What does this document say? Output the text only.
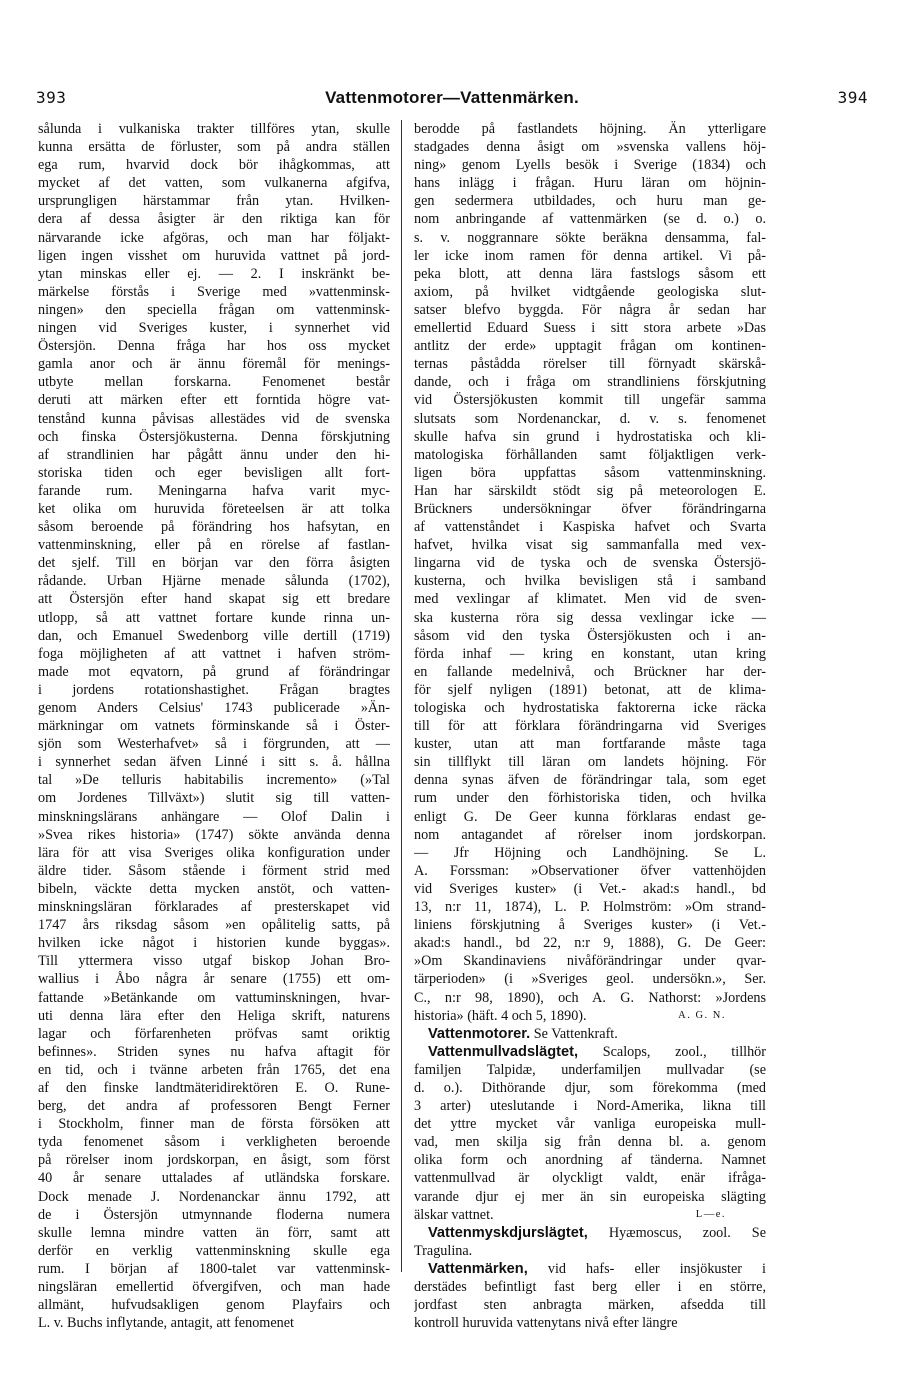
393	Vattenmotorer—Vattenmärken.	394
sålunda i vulkaniska trakter tillföres ytan, skulle
kunna ersätta de förluster, som på andra ställen
ega rum, hvarvid dock bör ihågkommas, att
mycket af det vatten, som vulkanerna afgifva,
ursprungligen härstammar från ytan. Hvilken-
dera af dessa åsigter är den riktiga kan för
närvarande icke afgöras, och man har följakt-
ligen ingen visshet om huruvida vattnet på jord-
ytan minskas eller ej. — 2. I inskränkt be-
märkelse förstås i Sverige med »vattenminsk-
ningen» den speciella frågan om vattenminsk-
ningen vid Sveriges kuster, i synnerhet vid
Östersjön. Denna fråga har hos oss mycket
gamla anor och är ännu föremål för menings-
utbyte mellan forskarna. Fenomenet består
deruti att märken efter ett forntida högre vat-
tenstånd kunna påvisas allestädes vid de svenska
och finska Östersjökusterna. Denna förskjutning
af strandlinien har pågått ännu under den hi-
storiska tiden och eger bevisligen allt fort-
farande rum. Meningarna hafva varit myc-
ket olika om huruvida företeelsen är att tolka
såsom beroende på förändring hos hafsytan, en
vattenminskning, eller på en rörelse af fastlan-
det sjelf. Till en början var den förra åsigten
rådande. Urban Hjärne menade sålunda (1702),
att Östersjön efter hand skapat sig ett bredare
utlopp, så att vattnet fortare kunde rinna un-
dan, och Emanuel Swedenborg ville dertill (1719)
foga möjligheten af att vattnet i hafven ström-
made mot eqvatorn, på grund af förändringar
i jordens rotationshastighet. Frågan bragtes
genom Anders Celsius' 1743 publicerade »Än-
märkningar om vatnets förminskande så i Öster-
sjön som Westerhafvet» så i förgrunden, att —
i synnerhet sedan äfven Linné i sitt s. å. hållna
tal »De telluris habitabilis incremento» (»Tal
om Jordenes Tillväxt») slutit sig till vatten-
minskningslärans anhängare — Olof Dalin i
»Svea rikes historia» (1747) sökte använda denna
lära för att visa Sveriges olika konfiguration under
äldre tider. Såsom stående i förment strid med
bibeln, väckte detta mycken anstöt, och vatten-
minskningsläran förklarades af presterskapet vid
1747 års riksdag såsom »en opålitelig satts, på
hvilken icke något i historien kunde byggas».
Till yttermera visso utgaf biskop Johan Bro-
wallius i Åbo några år senare (1755) ett om-
fattande »Betänkande om vattuminskningen, hvar-
uti denna lära efter den Heliga skrift, naturens
lagar och förfarenheten pröfvas samt oriktig
befinnes». Striden synes nu hafva aftagit för
en tid, och i tvänne arbeten från 1765, det ena
af den finske landtmäteridirektören E. O. Rune-
berg, det andra af professoren Bengt Ferner
i Stockholm, finner man de första försöken att
tyda fenomenet såsom i verkligheten beroende
på rörelser inom jordskorpan, en åsigt, som först
40 år senare uttalades af utländska forskare.
Dock menade J. Nordenanckar ännu 1792, att
de i Östersjön utmynnande floderna numera
skulle lemna mindre vatten än förr, samt att
derför en verklig vattenminskning skulle ega
rum. I början af 1800-talet var vattenminsk-
ningsläran emellertid öfvergifven, och man hade
allmänt, hufvudsakligen genom Playfairs och
L. v. Buchs inflytande, antagit, att fenomenet
berodde på fastlandets höjning. Än ytterligare
stadgades denna åsigt om »svenska vallens höj-
ning» genom Lyells besök i Sverige (1834) och
hans inlägg i frågan. Huru läran om höjnin-
gen sedermera utbildades, och huru man ge-
nom anbringande af vattenmärken (se d. o.) o.
s. v. noggrannare sökte beräkna densamma, fal-
ler icke inom ramen för denna artikel. Vi på-
peka blott, att denna lära fastslogs såsom ett
axiom, på hvilket vidtgående geologiska slut-
satser blefvo byggda. För några år sedan har
emellertid Eduard Suess i sitt stora arbete »Das
antlitz der erde» upptagit frågan om kontinen-
ternas påstådda rörelser till förnyadt skärskå-
dande, och i fråga om strandliniens förskjutning
vid Östersjökusten kommit till ungefär samma
slutsats som Nordenanckar, d. v. s. fenomenet
skulle hafva sin grund i hydrostatiska och kli-
matologiska förhållanden samt följaktligen verk-
ligen böra uppfattas såsom vattenminskning.
Han har särskildt stödt sig på meteorologen E.
Brückners undersökningar öfver förändringarna
af vattenståndet i Kaspiska hafvet och Svarta
hafvet, hvilka visat sig sammanfalla med vex-
lingarna vid de tyska och de svenska Östersjö-
kusterna, och hvilka bevisligen stå i samband
med vexlingar af klimatet. Men vid de sven-
ska kusterna röra sig dessa vexlingar icke —
såsom vid den tyska Östersjökusten och i an-
förda inhaf — kring en konstant, utan kring
en fallande medelnivå, och Brückner har der-
för sjelf nyligen (1891) betonat, att de klima-
tologiska och hydrostatiska faktorerna icke räcka
till för att förklara förändringarna vid Sveriges
kuster, utan att man fortfarande måste taga
sin tillflykt till läran om landets höjning. För
denna synas äfven de förändringar tala, som eget
rum under den förhistoriska tiden, och hvilka
enligt G. De Geer kunna förklaras endast ge-
nom antagandet af rörelser inom jordskorpan.
— Jfr Höjning och Landhöjning. Se L.
A. Forssman: »Observationer öfver vattenhöjden
vid Sveriges kuster» (i Vet.- akad:s handl., bd
13, n:r 11, 1874), L. P. Holmström: »Om strand-
liniens förskjutning å Sveriges kuster» (i Vet.-
akad:s handl., bd 22, n:r 9, 1888), G. De Geer:
»Om Skandinaviens nivåförändringar under qvar-
tärperioden» (i »Sveriges geol. undersökn.», Ser.
C., n:r 98, 1890), och A. G. Nathorst: »Jordens
historia» (häft. 4 och 5, 1890).	A. G. N.
Vattenmotorer. Se Vattenkraft.
Vattenmullvadslägtet, Scalops, zool., tillhör
familjen Talpidæ, underfamiljen mullvadar (se
d. o.). Dithörande djur, som förekomma (med
3 arter) uteslutande i Nord-Amerika, likna till
det yttre mycket vår vanliga europeiska mull-
vad, men skilja sig från denna bl. a. genom
olika form och anordning af tänderna. Namnet
vattenmullvad är olyckligt valdt, enär ifråga-
varande djur ej mer än sin europeiska slägting
älskar vattnet.	L—e.
Vattenmyskdjurslägtet, Hyæmoscus, zool. Se
Tragulina.
Vattenmärken, vid hafs- eller insjökuster i
derstädes befintligt fast berg eller i en större,
jordfast sten anbragta märken, afsedda till
kontroll huruvida vattenytans nivå efter längre
